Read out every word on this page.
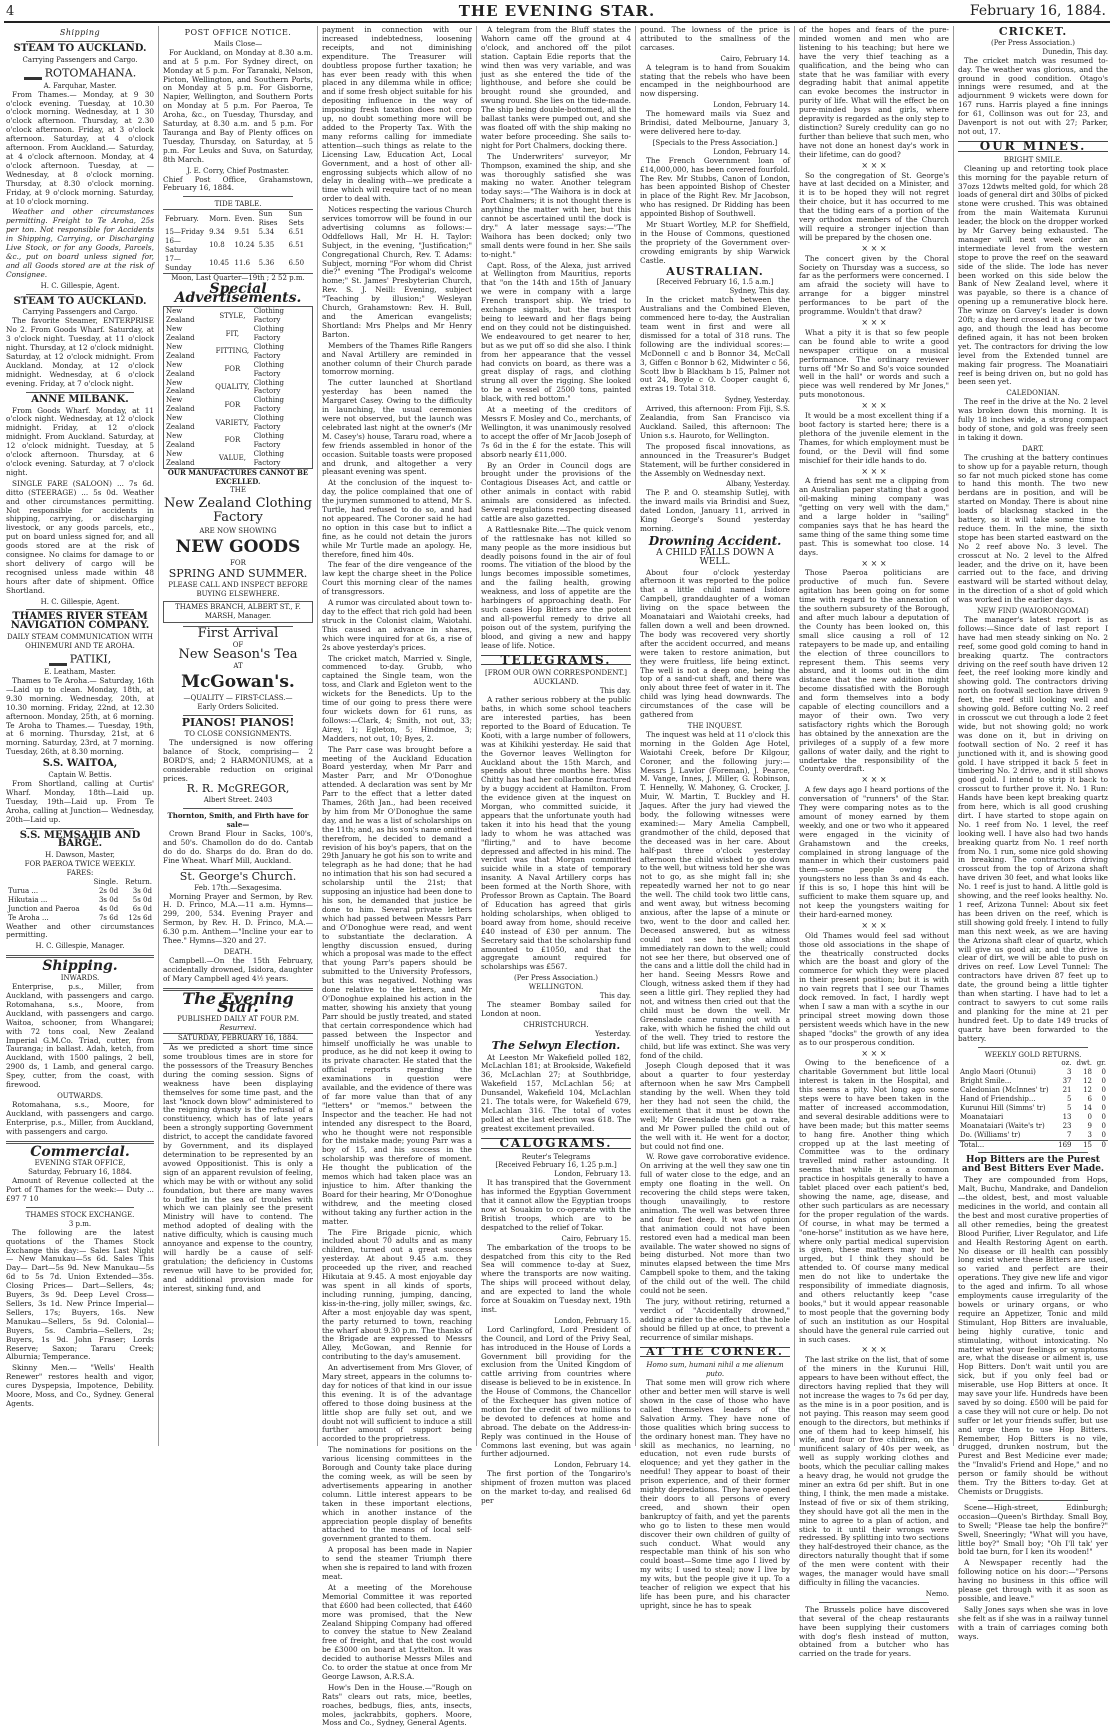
4	THE EVENING STAR.	February 16, 1884.
Shipping
STEAM TO AUCKLAND.
Carrying Passengers and Cargo.
ROTOMAHANA.
A. Farquhar, Master.

From Thames.— Monday, at 9 30 o'clock evening. Tuesday, at 10.30 o'clock morning. Wednesday, at 1 30 o'clock afternoon. Thursday, at 2.30 o'clock afternoon. Friday, at 3 o'clock afternoon. Saturday, at 4 o'clock afternoon. From Auckland.— Saturday, at 4 o'clock afternoon. Monday, at 4 o'clock afternoon. Tuesday, at — Wednesday, at 8 o'clock morning. Thursday, at 8.30 o'clock morning. Friday, at 9 o'clock morning. Saturday, at 10 o'clock morning.

Weather and other circumstances permitting. Freight to Te Aroha, 25s per ton. Not responsible for Accidents in Shipping, Carrying, or Discharging Live Stock, or for any Goods, Parcels, &c., put on board unless signed for, and all Goods stored are at the risk of Consignee.

H. C. Gillespie, Agent.
STEAM TO AUCKLAND.
Carrying Passengers and Cargo.

The favorite Steamer, ENTERPRISE No 2. From Goods Wharf. Saturday, at 3 o'clock night. Tuesday, at 11 o'clock night. Thursday, at 12 o'clock midnight. Saturday, at 12 o'clock midnight. From Auckland. Monday, at 12 o'clock midnight. Wednesday, at 6 o'clock evening. Friday, at 7 o'clock night.

ANNE MILBANK.

From Goods Wharf. Monday, at 11 o'clock night. Wednesday, at 12 o'clock midnight. Friday, at 12 o'clock midnight. From Auckland. Saturday, at 12 o'clock midnight. Tuesday, at 5 o'clock afternoon. Thursday, at 6 o'clock evening. Saturday, at 7 o'clock night.

SINGLE FARE (SALOON) ... 7s 6d. ditto (STEERAGE) ... 5s 0d. Weather and other circumstances permitting. Not responsible for accidents in shipping, carrying, or discharging livestock, or any goods parcels, etc., put on board unless signed for, and all goods stored are at the risk of consignee. No claims for damage to or short delivery of cargo will be recognised unless made within 48 hours after date of shipment. Office Shortland.

H. C. Gillespie, Agent.
THAMES RIVER STEAM NAVIGATION COMPANY.
DAILY STEAM COMMUNICATION WITH OHINEMURI AND TE AROHA.
PATIKI,
E. Leatham, Master.

Thames to Te Aroha.— Saturday, 16th—Laid up to clean. Monday, 18th, at 9.30 morning. Wednesday, 20th, at 10.30 morning. Friday, 22nd, at 12.30 afternoon. Monday, 25th, at 6 morning. Te Aroha to Thames.— Tuesday, 19th, at 6 morning. Thursday, 21st, at 6 morning. Saturday, 23rd, at 7 morning. Tuesday, 26th, at 8.30 morning.

S.S. WAITOA,
Captain W. Bettis.

From Shortland, calling at Curtis' Wharf. Monday, 18th—Laid up. Tuesday, 19th—Laid up. From Te Aroha, calling at Junction— Wednesday, 20th—Laid up.

S.S. MEMSAHIB AND BARGE.
H. Dawson, Master,
FOR PAEROA TWICE WEEKLY.
FARES:
	Single.	Return.
Turua ...	2s 0d	3s 0d
Hikutaia ...	3s 0d	5s 0d
Junction and Paeroa	4s 0d	6s 0d
Te Aroha ...	7s 6d	12s 6d

Weather and other circumstances permitting.

H. C. Gillespie, Manager.
Shipping.
INWARDS.

Enterprise, p.s., Miller, from Auckland, with passengers and cargo. Rotomahana, s.s., Moore, from Auckland, with passengers and cargo. Waitoa, schooner, from Whangarei; with 72 tons coal, New Zealand Imperial G.M.Co. Triad, cutter, from Tauranga; in ballast. Adah, ketch, from Auckland, with 1500 palings, 2 bell, 2900 ds, 1 Lamb, and general cargo. Spey, cutter, from the coast, with firewood.

OUTWARDS.

Rotomahana, s.s., Moore, for Auckland, with passengers and cargo. Enterprise, p.s., Miller, from Auckland, with passengers and cargo.

Commercial.
EVENING STAR OFFICE,
Saturday, February 16, 1884.

Amount of Revenue collected at the Port of Thames for the week:— Duty ... £97 7 10

THAMES STOCK EXCHANGE.
3 p.m.

The following are the latest quotations of the Thames Stock Exchange this day:— Sales Last Night— New Manukau—5s 6d. Sales This Day— Dart—5s 9d. New Manukau—5s 6d to 5s 7d. Union Extended—35s. Closing Prices— Dart—Sellers, 4s; Buyers, 3s 9d. Deep Level Cross—Sellers, 3s 1d. New Prince Imperial—Sellers, 17s; Buyers, 16s. New Manukau—Sellers, 5s 9d. Colonial—Buyers, 5s. Cambria—Sellers, 2s; Buyers, 1s 9d. John Fraser; Lords Reserve; Saxon; Tararu Creek; Alburnia; Temperance.

Skinny Men.— "Wells' Health Renewer" restores health and vigor, cures Dyspepsia, Impotence, Debility. Moore, Moss, and Co., Sydney. General Agents.

POST OFFICE NOTICE.
Mails Close—

For Auckland, on Monday at 8.30 a.m. and at 5 p.m. For Sydney direct, on Monday at 5 p.m. For Taranaki, Nelson, Picton, Wellington, and Southern Ports, on Monday at 5 p.m. For Gisborne, Napier, Wellington, and Southern Ports on Monday at 5 p.m. For Paeroa, Te Aroha, &c., on Tuesday, Thursday, and Saturday, at 8.30 a.m. and 5 p.m. For Tauranga and Bay of Plenty offices on Tuesday, Thursday, on Saturday, at 5 p.m. For Leuks and Suva, on Saturday, 8th March.

J. E. Corry, Chief Postmaster.

Chief Post Office, Grahamstown, February 16, 1884.

TIDE TABLE.
February.	Morn.	Even.	Sun Rises	Sun Sets
15—Friday	9.34	9.51	5.34	6.51
16—Saturday	10.8	10.24	5.35	6.51
17—Sunday	10.45	11.6	5.36	6.50
Moon, Last Quarter—19th ; 2 52 p.m.
Special Advertisements.
New Zealand	STYLE,	Clothing Factory
New Zealand	FIT,	Clothing Factory
New Zealand	FITTING,	Clothing Factory
New Zealand	FOR	Clothing Factory
New Zealand	QUALITY,	Clothing Factory
New Zealand	FOR	Clothing Factory
New Zealand	VARIETY,	Clothing Factory
New Zealand	FOR	Clothing Factory
New Zealand	VALUE,	Clothing Factory
OUR MANUFACTURES CANNOT BE EXCELLED.
THE
New Zealand Clothing Factory
ARE NOW SHOWING
NEW GOODS
FOR
SPRING AND SUMMER.
PLEASE CALL AND INSPECT BEFORE BUYING ELSEWHERE.
THAMES BRANCH, ALBERT ST., F. MARSH, Manager.
First Arrival
OF
New Season's Tea
AT
McGowan's.
—QUALITY — FIRST-CLASS.—
Early Orders Solicited.
PIANOS! PIANOS!
TO CLOSE CONSIGNMENTS.

The undersigned is now offering balance of Stock, comprising— 2 BORD'S, and; 2 HARMONIUMS, at a considerable reduction on original prices.

R. R. McGREGOR,
Albert Street. 2403
Thornton, Smith, and Firth have for sale—

Crown Brand Flour in Sacks, 100's, and 50's. Chamollon do do do. Cantab do do do. Sharps do do. Bran do do. Fine Wheat. Wharf Mill, Auckland.

St. George's Church.
Feb. 17th.—Sexagesima.

Morning Prayer and Sermon, by Rev. H. D. Frinco, M.A.—11 a.m. Hymns—299, 200, 534. Evening Prayer and Sermon, by Rev. H. D. Frinco, M.A.—6.30 p.m. Anthem—"Incline your ear to Thee." Hymns—320 and 27.

DEATH.

Campbell.—On the 15th February, accidentally drowned, Isidora, daughter of Mary Campbell aged 4½ years.

The Evening Star.
PUBLISHED DAILY AT FOUR P.M.
Resurrexi.
SATURDAY, FEBRUARY 16, 1884.

As we predicted a short time since some troublous times are in store for the possessors of the Treasury Benches during the coming session. Signs of weakness have been displaying themselves for some time past, and the last "knock down blow" administered to the reigning dynasty is the refusal of a constituency, which has of late years been a strongly supporting Government district, to accept the candidate favored by Government, and its displayed determination to be represented by an avowed Oppositionist. This is only a sign of an apparent revulsion of feeling, which may be with or without any solid foundation, but there are many waves to buffet in the sea of troubles with which we can plainly see the present Ministry will have to contend. The method adopted of dealing with the native difficulty, which is causing much annoyance and expense to the country, will hardly be a cause of self-gratulation; the deficiency in Customs revenue will have to be provided for, and additional provision made for interest, sinking fund, and

payment in connection with our increased indebtedness, loosening receipts, and not diminishing expenditure. The Treasurer will doubtless propose further taxation; he has ever been ready with this when placed in any dilemma while in office; and if some fresh object suitable for his depositing influence in the way of imposing fresh taxation does not crop up, no doubt something more will be added to the Property Tax. With the many reforms calling for immediate attention—such things as relate to the Licensing Law, Education Act, Local Government, and a host of other all-engrossing subjects which allow of no delay in dealing with—we predicate a time which will require tact of no mean order to deal with.

Notices respecting the various Church services tomorrow will be found in our advertising columns as follows:—Oddfellows Hall, Mr H. H. Taylor: Subject, in the evening, "Justification;" Congregational Church, Rev. T. Adams: Subject, morning "For whom did Christ die?" evening "The Prodigal's welcome home;" St. James' Presbyterian Church, Rev. S. J. Neill: Evening, subject "Teaching by illusion;" Wesleyan Church, Grahamstown: Rev. H. Bull, and the American evangelists; Shortland: Mrs Phelps and Mr Henry Barton.

Members of the Thames Rifle Rangers and Naval Artillery are reminded in another column of their Church parade tomorrow morning.

The cutter launched at Shortland yesterday has been named the Margaret Casey. Owing to the difficulty in launching, the usual ceremonies were not observed, but the launch was celebrated last night at the owner's (Mr M. Casey's) house, Tararu road, where a few friends assembled in honor of the occasion. Suitable toasts were proposed and drunk, and altogether a very pleasant evening was spent.

At the conclusion of the inquest to-day, the police complained that one of the jurymen summoned to attend, Mr S. Turtle, had refused to do so, and had not appeared. The Coroner said he had no option in this case but to inflict a fine, as he could not detain the jurors while Mr Turtle made an apology. He, therefore, fined him 40s.

The fear of the dire vengeance of the law kept the charge sheet in the Police Court this morning clear of the names of transgressors.

A rumor was circulated about town to-day to the effect that rich gold had been struck in the Colonist claim, Waiotahi. This caused an advance in shares, which were inquired for at 6s, a rise of 2s above yesterday's prices.

The cricket match, Married v. Single, commenced to-day. Grubb, who captained the Single team, won the toss, and Clark and Egleton went to the wickets for the Benedicts. Up to the time of our going to press there were four wickets down for 61 runs, as follows:—Clark, 4; Smith, not out, 33; Airey, 1; Egleton, 5; Hindmoe, 3; Madders, not out, 10; Byes, 2.

The Parr case was brought before a meeting of the Auckland Education Board yesterday, when Mr Parr and Master Parr, and Mr O'Donoghue attended. A declaration was sent by Mr Parr to the effect that a letter dated Thames, 26th Jan., had been received by him from Mr O'Donoghue the same day, and he was a list of scholarships on the 11th; and, as his son's name omitted therefrom, he decided to demand a revision of his boy's papers, that on the 29th January he got his son to write and telegraph as he had done; that he had no intimation that his son had secured a scholarship until the 21st; that supposing an injustice had been done to his son, he demanded that justice be done to him. Several private letters which had passed between Messrs Parr and O'Donoghue were read, and went to substantiate the declaration. A lengthy discussion ensued, during which a proposal was made to the effect that young Parr's papers should be submitted to the University Professors, but this was negatived. Nothing was done relative to the letters, and Mr O'Donoghue explained his action in the matter, showing his anxiety that young Parr should be justly treated, and stated that certain correspondence which had passed between the Inspector and himself unofficially he was unable to produce, as he did not keep it owing to its private character. He stated that the official reports regarding the examinations in question were available, and the evidence of there was of far more value than that of any "letters" or "memos." between the Inspector and the teacher. He had not intended any disrespect to the Board, who he thought were not responsible for the mistake made; young Parr was a boy of 15, and his success in the scholarship was therefore of moment. He thought the publication of the memos which had taken place was an injustice to him. After thanking the Board for their hearing, Mr O'Donoghue withdrew, and the meeting closed without taking any further action in the matter.

The Fire Brigade picnic, which included about 70 adults and as many children, turned out a great success yesterday. At about 9.45 a.m. they proceeded up the river, and reached Hikutaia at 9.45. A most enjoyable day was spent in all kinds of sports, including running, jumping, dancing, kiss-in-the-ring, jolly miller, swings, &c. After a most enjoyable day was spent, the party returned to town, reaching the wharf about 9.30 p.m. The thanks of the Brigade are expressed to Messrs Alley, McGowan, and Rennie for contributing to the day's amusement.

An advertisement from Mrs Glover, of Mary street, appears in the columns to-day for notices of that kind in our issue this evening. It is of the advantage offered to those doing business at the little shop are fully set out, and we doubt not will sufficient to induce a still further amount of support being accorded to the proprietress.

The nominations for positions on the various licensing committees in the Borough and County take place during the coming week, as will be seen by advertisements appearing in another column. Little interest appears to be taken in these important elections, which in another instance of the appreciation people display of benefits attached to the means of local self-government granted to them.

A proposal has been made in Napier to send the steamer Triumph there when she is repaired to land with frozen meat.

At a meeting of the Morehouse Memorial Committee it was reported that £600 had been collected, that £460 more was promised, that the New Zealand Shipping Company had offered to convey the statue to New Zealand free of freight, and that the cost would be £3000 on board at Lyttelton. It was decided to authorise Messrs Miles and Co. to order the statue at once from Mr George Lawson, A.R.S.A.

How's Den in the House.—"Rough on Rats" clears out rats, mice, beetles, roaches, bedbugs, flies, ants, insects, moles, jackrabbits, gophers. Moore, Moss and Co., Sydney, General Agents.

A telegram from the Bluff states the Wahorn came off the ground at 4 o'clock, and anchored off the pilot station. Captain Edie reports that the wind then was very variable, and was just as she entered the tide of the lighthouse, and before she could be brought round she grounded, and swung round. She lies on the tide-made. The ship being double-bottomed, all the ballast tanks were pumped out, and she was floated off with the ship making no water before proceeding. She sails to-night for Port Chalmers, docking there.

The Underwriters' surveyor, Mr Thompson, examined the ship, and she was thoroughly satisfied she was making no water. Another telegram today says:—"The Waihora is in dock at Port Chalmers; it is not thought there is anything the matter with her, but this cannot be ascertained until the dock is dry." A later message says:—"The Waihora has been docked; only two small dents were found in her. She sails to-night."

Capt. Ross, of the Alexa, just arrived at Wellington from Mauritius, reports that "on the 14th and 15th of January we were in company with a large French transport ship. We tried to exchange signals, but the transport being to leeward and her flags being end on they could not be distinguished. We endeavoured to get nearer to her, but as we put off so did she also. I think from her appearance that the vessel had convicts on board, as there was a great display of rags, and clothing strung all over the rigging. She looked to be a vessel of 2500 tons, painted black, with red bottom."

At a meeting of the creditors of Messrs F. Mosley and Co., merchants, of Wellington, it was unanimously resolved to accept the offer of Mr Jacob Joseph of 7s 6d in the £ for the estate. This will absorb nearly £11,000.

By an Order in Council dogs are brought under the provisions of the Contagious Diseases Act, and cattle or other animals in contact with rabid animals are considered as infected. Several regulations respecting diseased cattle are also gazetted.

A Rattlesnake Bite.—The quick venom of the rattlesnake has not killed so many people as the more insidious but deadly poisons found in the air of foul rooms. The vitiation of the blood by the lungs becomes impossible sometimes, and the failing health, growing weakness, and loss of appetite are the harbingers of approaching death. For such cases Hop Bitters are the potent and all-powerful remedy to drive all poison out of the system, purifying the blood, and giving a new and happy lease of life. Notice.

TELEGRAMS.
[FROM OUR OWN CORRESPONDENT.]
AUCKLAND.
This day.

A rather serious robbery at the public baths, in which some school teachers are interested parties, has been reported to the Board of Education. Te Kooti, with a large number of followers, was at Kihikihi yesterday. He said that the Governor leaves Wellington for Auckland about the 15th March, and spends about three months here. Miss Chitty has had her collarbone fractured by a buggy accident at Hamilton. From the evidence given at the inquest on Morgan, who committed suicide, it appears that the unfortunate youth had taken it into his head that the young lady to whom he was attached was "flirting," and to have become depressed and affected in his mind. The verdict was that Morgan committed suicide while in a state of temporary insanity. A Naval Artillery corps has been formed at the North Shore, with Professor Brown as Captain. The Board of Education has agreed that girls holding scholarships, when obliged to board away from home, should receive £40 instead of £30 per annum. The Secretary said that the scholarship fund amounted to £1050, and that the aggregate amount required for scholarships was £567.

(Per Press Association.)
WELLINGTON.
This day.

The steamer Bombay sailed for London at noon.

CHRISTCHURCH.
Yesterday.
The Selwyn Election.

At Leeston Mr Wakefield polled 182, McLachlan 181; at Brookside, Wakefield 36, McLachlan 27; at Southbridge, Wakefield 157, McLachlan 56; at Dunsandel, Wakefield 104, McLachlan 21. The totals were, for Wakefield 679, McLachlan 316. The total of votes polled at the last election was 618. The greatest excitement prevailed.

CALOGRAMS.
Reuter's Telegrams
[Received February 16, 1.25 p.m.]
London, February 13.

It has transpired that the Government has informed the Egyptian Government that it cannot allow the Egyptian troops now at Souakim to co-operate with the British troops, which are to be despatched to the relief of Tokar.

Cairo, February 15.

The embarkation of the troops to be despatched from this city to the Red Sea will commence to-day at Suez, where the transports are now waiting. The ships will proceed without delay, and are expected to land the whole force at Souakim on Tuesday next, 19th inst.

London, February 15.

Lord Carlingford, Lord President of the Council, and Lord of the Privy Seal, has introduced in the House of Lords a Government bill providing for the exclusion from the United Kingdom of cattle arriving from countries where disease is believed to be in existence. In the House of Commons, the Chancellor of the Exchequer has given notice of motion for the credit of two millions to be devoted to defences at home and abroad. The debate on the Address-in-Reply was continued in the House of Commons last evening, but was again further adjourned.

London, February 14.

The first portion of the Tongariro's shipment of frozen mutton was placed on the market to-day, and realised 6d per

pound. The lowness of the price is attributed to the smallness of the carcases.

Cairo, February 14.

A telegram is to hand from Souakim stating that the rebels who have been encamped in the neighbourhood are now dispersing.

London, February 14.

The homeward mails via Suez and Brindisi, dated Melbourne, January 3, were delivered here to-day.

[Specials to the Press Association.]
London, February 14.

The French Government loan of £14,000,000, has been covered fourfold. The Rev. Mr Stubbs, Canon of London, has been appointed Bishop of Chester in place of the Right Rev. Mr Jacobson, who has resigned. Dr Ridding has been appointed Bishop of Southwell.

Mr Stuart Wortley, M.P. for Sheffield, in the House of Commons, questioned the propriety of the Government over-crowding emigrants by ship Warwick Castle.

AUSTRALIAN.
[Received February 16, 1.5 a.m.]
Sydney, This day.

In the cricket match between the Australians and the Combined Eleven, commenced here to-day, the Australian team went in first and were all dismissed for a total of 318 runs. The following are the individual scores:—McDonnell c and b Bonnor 34, McCall 3, Giffen c Bonnor b 62, Midwinter c 56, Scott lbw b Blackham b 15, Palmer not out 24, Boyle c O. Cooper caught 6, extras 19. Total 318.

Sydney, Yesterday.

Arrived, this afternoon: From Fiji, S.S. Zealandia, from San Francisco via Auckland. Sailed, this afternoon: The Union s.s. Hauroto, for Wellington.

The proposed fiscal innovations, as announced in the Treasurer's Budget Statement, will be further considered in the Assembly on Wednesday next.

Albany, Yesterday.

The P. and O. steamship Sutlej, with the inward mails via Brindisi and Suez, dated London, January 11, arrived in King George's Sound yesterday morning.

Drowning Accident.
A CHILD FALLS DOWN A WELL.

About four o'clock yesterday afternoon it was reported to the police that a little child named Isidore Campbell, granddaughter of a woman living on the space between the Moanataiari and Waiotahi creeks, had fallen down a well and been drowned. The body was recovered very shortly after the accident occurred, and means were taken to restore animation, but they were fruitless, life being extinct. The well is not a deep one, being the top of a sand-cut shaft, and there was only about three feet of water in it. The child was lying head downwards. The circumstances of the case will be gathered from

THE INQUEST.

The inquest was held at 11 o'clock this morning in the Golden Age Hotel, Waiotahi Creek, before Dr Kilgour, Coroner, and the following jury:—Messrs J. Lawlor (Foreman), J. Pearce, M. Vange, Innes, J. Miller, G. Robinson, T. Hennelly, W. Mahoney, G. Crocker, J. Muir, W. Martin, T. Buckley and H. Jaques. After the jury had viewed the body, the following witnesses were examined:— Mary Amelia Campbell, grandmother of the child, deposed that the deceased was in her care. About half-past three o'clock yesterday afternoon the child wished to go down to the well, but witness told her she was not to go, as she might fall in; she repeatedly warned her not to go near the well. The child took two little cans, and went away, but witness becoming anxious, after the lapse of a minute or two, went to the door and called her. Deceased answered, but as witness could not see her, she almost immediately ran down to the well; could not see her there, but observed one of the cans and a little doll the child had in her hand. Seeing Messrs Rowe and Clough, witness asked them if they had seen a little girl. They replied they had not, and witness then cried out that the child must be down the well. Mr Greenslade came running out with a rake, with which he fished the child out of the well. They tried to restore the child, but life was extinct. She was very fond of the child.

Joseph Clough deposed that it was about a quarter to four yesterday afternoon when he saw Mrs Campbell standing by the well. When they told her they had not seen the child, the excitement that it must be down the well; Mr Greenslade then got a rake, and Mr Power pulled the child out of the well with it. He went for a doctor, but could not find one.

W. Rowe gave corroborative evidence. On arriving at the well they saw one tin full of water close to the edge, and an empty one floating in the well. On recovering the child steps were taken, though unavailingly, to restore animation. The well was between three and four feet deep. It was of opinion that animation could not have been restored even had a medical man been available. The water showed no signs of being disturbed. Not more than two minutes elapsed between the time Mrs Campbell spoke to them, and the taking of the child out of the well. The child could not be seen.

The jury, without retiring, returned a verdict of "Accidentally drowned," adding a rider to the effect that the hole should be filled up at once, to prevent a recurrence of similar mishaps.

AT THE CORNER.
Homo sum, humani nihil a me alienum puto.

That some men will grow rich where other and better men will starve is well shown in the case of those who have called themselves leaders of the Salvation Army. They have none of those qualities which bring success to the ordinary honest man. They have no skill as mechanics, no learning, no education, not even rude bursts of eloquence; and yet they gather in the needful! They appear to boast of their prison experience, and of their former mighty depredations. They have opened their doors to all persons of every creed, and shown their open bankruptcy of faith, and yet the parents who go to listen to these men would discover their own children of guilty of such conduct. What would any respectable man think of his son who could boast—Some time ago I lived by my wits; I used to steal; now I live by my wits, but the people give it up. To a teacher of religion we expect that his life has been pure, and his character upright, since he has to speak

of the hopes and fears of the pure-minded women and men who are listening to his teaching; but here we have the very thief teaching as a qualification, and the being who can state that he was familiar with every degrading habit that animal appetite can evoke becomes the instructor in purity of life. What will the effect be on pure-minded boys and girls, where depravity is regarded as the only step to distinction? Surely credulity can go no further than believe that such men, who have not done an honest day's work in their lifetime, can do good?

× × ×

So the congregation of St. George's have at last decided on a Minister, and it is to be hoped they will not regret their choice, but it has occurred to me that the tiding ears of a portion of the very orthodox members of the Church will require a stronger injection than will be prepared by the chosen one.

× × ×

The concert given by the Choral Society on Thursday was a success, so far as the performers were concerned. I am afraid the society will have to arrange for a bigger minstrel performances to be part of the programme. Wouldn't that draw?

× × ×

What a pity it is that so few people can be found able to write a good newspaper critique on a musical performance. The ordinary reviewer turns off "Mr So and So's voice sounded well in the hall" or words and such a piece was well rendered by Mr Jones," puts monotonous.

× × ×

It would be a most excellent thing if a boot factory is started here; there is a plethora of the juvenile element in the Thames, for which employment must be found, or the Devil will find some mischief for their idle hands to do.

× × ×

A friend has sent me a clipping from an Australian paper stating that a good oil-making mining company was "getting on very well with the dam," and a large holder in "sailing" companies says that he has heard the same thing of the same thing some time past. This is somewhat too close. 14 days.

× × ×

Those Paeroa politicians are productive of much fun. Severe agitation has been going on for some time with regard to the annexation of the southern subsurety of the Borough, and after much labour a deputation of the County has been looked on, this small slice causing a roll of 12 ratepayers to be made up, and entailing the election of three councillors to represent them. This seems very absurd, and it looms out in the dim distance that the new addition might become dissatisfied with the Borough and form themselves into a body capable of electing councillors and a mayor of their own. Two very satisfactory rights which the Borough has obtained by the annexation are the privileges of a supply of a few more gallons of water daily, and the right to undertake the responsibility of the County overdraft.

× × ×

A few days ago I heard portions of the conversation of "runners" of the Star. They were comparing notes as to the amount of money earned by them weekly, and one or two who it appeared were engaged in the vicinity of Grahamstown and the creeks, complained in strong language of the manner in which their customers paid them—some people owing the youngsters no less than 3s and 4s each. If this is so, I hope this hint will be sufficient to make them square up, and not keep the youngsters waiting for their hard-earned money.

× × ×

Old Thames would feel sad without those old associations in the shape of the theatrically constructed docks which are the boast and glory of the commerce for which they were placed in their present position; but it is with no vain regrets that I see our Thames dock removed. In fact, I hardly wept when I saw a man with a scythe in our principal street mowing down those persistent weeds which have in the new shaped "docks" the growth of any idea as to our prosperous condition.

× × ×

Owing to the beneficence of a charitable Government but little local interest is taken in the Hospital, and this seems a pity. Not long ago some steps were to have been taken in the matter of increased accommodation, and several desirable additions were to have been made; but this matter seems to hang fire. Another thing which cropped up at the last meeting of Committee was to the ordinary travelled mind rather astounding. It seems that while it is a common practice in hospitals generally to have a tablet placed over each patient's bed, showing the name, age, disease, and other such particulars as are necessary for the proper regulation of the wards. Of course, in what may be termed a "one-horse" institution as we have here, where only partial medical supervision is given, these matters may not be urged, but I think they should be attended to. Of course many medical men do not like to undertake the responsibility of immediate diagnosis, and others reluctantly keep "case books," but it would appear reasonable to most people that the governing body of such an institution as our Hospital should have the general rule carried out in such cases.

× × ×

The last strike on the list, that of some of the miners in the Kurunui Hill, appears to have been without effect, the directors having replied that they will not increase the wages to 7s 6d per day, as the mine is in a poor position, and is not paying. This reason may seem good enough to the directors, but methinks if one of them had to keep himself, his wife, and four or five children, on the munificent salary of 40s per week, as well as supply working clothes and boots, which the peculiar calling makes a heavy drag, he would not grudge the miner an extra 6d per shift. But in one thing, I think, the men made a mistake. Instead of five or six of them striking, they should have got all the men in the mine to agree to a plan of action, and stick to it until their wrongs were redressed. By splitting into two sections they half-destroyed their chance, as the directors naturally thought that if some of the men were content with their wages, the manager would have small difficulty in filling the vacancies.

Nemo.

The Brussels police have discovered that several of the cheap restaurants have been supplying their customers with dog's flesh instead of mutton, obtained from a butcher who has carried on the trade for years.

CRICKET.
(Per Press Association.)
Dunedin, This day.

The cricket match was resumed to-day. The weather was glorious, and the ground in good condition. Otago's innings were resumed, and at the adjournment 9 wickets were down for 167 runs. Harris played a fine innings for 61, Collinson was out for 23, and Davenport is not out with 27; Parker, not out, 17.

OUR MINES.
BRIGHT SMILE.

Cleaning up and retorting took place this morning for the payable return of 37ozs 12dwts melted gold, for which 28 loads of general dirt and 30lbs of picked stone were crushed. This was obtained from the main Waitemata Kurunui leader, the block on the dropper worked by Mr Garvey being exhausted. The manager will next week order an intermediate level from the western stope to prove the reef on the seaward side of the slide. The lode has never been worked on this side below the Bank of New Zealand level, where it was payable, so there is a chance of opening up a remunerative block here. The winze on Garvey's leader is down 20ft; a day herd crossed it a day or two ago, and though the lead has become defined again, it has not been broken yet. The contractors for driving the low level from the Extended tunnel are making fair progress. The Moanatiairi reef is being driven on, but no gold has been seen yet.

CALEDONIAN.

The reef in the drive at the No. 2 level was broken down this morning. It is fully 18 inches wide, a strong compact body of stone, and gold was freely seen in taking it down.

DART.

The crushing at the battery continues to show up for a payable return, though so far not much picked stone has come to hand this month. The two new berdans are in position, and will be started on Monday. There is about nine loads of blacksnag stacked in the battery, so it will take some time to reduce them. In the mine, the sixth stope has been started eastward on the No 2 reef above No. 3 level. The crosscut at No. 2 level to the Alfred leader, and the drive on it, have been carried out to the face, and driving eastward will be started without delay, in the direction of a shot of gold which was worked in the earlier days.

NEW FIND (WAIORONGOMAI)

The manager's latest report is as follows:—Since date of last report I have had men steady sinking on No. 2 reef, some good gold coming to hand in breaking quartz. The contractors driving on the reef south have driven 12 feet, the reef looking more kindly and showing gold. The contractors driving north on footwall section have driven 9 feet, the reef still looking well and showing gold. Before cutting No. 2 reef in crosscut we cut through a lode 2 feet wide, but not showing gold; no work was done on it, but in driving on footwall section of No. 2 reef it has junctioned with it, and is showing good gold. I have stripped it back 5 feet in timbering No. 2 drive, and it still shows good gold. I intend to strip it back to crosscut to further prove it. No. 1 Run: Hands have been kept breaking quartz from here, which is all good crushing dirt. I have started to stope again on No. 1 reef from No. 1 level, the reef looking well. I have also had two hands breaking quartz from No. 1 reef north from No. 1 run, some nice gold showing in breaking. The contractors driving crosscut from the top of Arizona shaft have driven 30 feet, and what looks like No. 1 reef is just to hand. A little gold is showing, and the reef looks healthy. No. 1 reef, Arizona Tunnel: About six feet has been driven on the reef, which is still showing gold freely. I intend to fully man this next week, as we are having the Arizona shaft clear of quartz, which will give us good air, and the drive is clear of dirt, we will be able to push on drives on reef. Low Level Tunnel: The contractors have driven 87 feet up to date, the ground being a little tighter than when starting. I have had to let a contract to sawyers to cut some rails and planking for the mine at 21 per hundred feet. Up to date 149 trucks of quartz have been forwarded to the battery.

WEEKLY GOLD RETURNS.
	oz.	dwt.	gr.
Anglo Maori (Otunui)	3	18	0
Bright Smile...	37	12	0
Caledonian (McInnes' tr)	21	12	0
Hand of Friendship...	5	6	0
Kurunui Hill (Simms' tr)	5	14	0
Moanataiari	13	0	0
Moanataiari (Waite's tr)	23	9	0
Do. (Williams' tr)	7	3	0
Total...	169	15	0
Hop Bitters are the Purest and Best Bitters Ever Made.

They are compounded from Hops, Malt, Buchu, Mandrake, and Dandelion—the oldest, best, and most valuable medicines in the world, and contain all the best and most curative properties of all other remedies, being the greatest Blood Purifier, Liver Regulator, and Life and Health Restoring Agent on earth. No disease or ill health can possibly long exist where these Bitters are used, so varied and perfect are their operations. They give new life and vigor to the aged and infirm. To all whose employments cause irregularity of the bowels or urinary organs, or who require an Appetizer, Tonic and mild Stimulant, Hop Bitters are invaluable, being highly curative, tonic and stimulating, without intoxicating. No matter what your feelings or symptoms are, what the disease or ailment is, use Hop Bitters. Don't wait until you are sick, but if you only feel bad or miserable, use Hop Bitters at once. It may save your life. Hundreds have been saved by so doing. £500 will be paid for a case they will not cure or help. Do not suffer or let your friends suffer, but use and urge them to use Hop Bitters. Remember, Hop Bitters is no vile, drugged, drunken nostrum, but the Purest and Best Medicine ever made; the "Invalid's Friend and Hope," and no person or family should be without them. Try the Bitters to-day. Get at Chemists or Druggists.

Scene—High-street, Edinburgh; occasion—Queen's Birthday. Small Boy, to Swell; "Please tae help the bonfire?" Swell, Sneeringly; "What will you have, little boy?" Small boy; "Oh I'll tak' yer bold tae burn, for I ken its wooden!"

A Newspaper recently had the following notice on his door:—"Persons having no business in this office will please get through with it as soon as possible, and leave."

Sally Jones says when she was in love she felt as if she was in a railway tunnel with a train of carriages coming both ways.
